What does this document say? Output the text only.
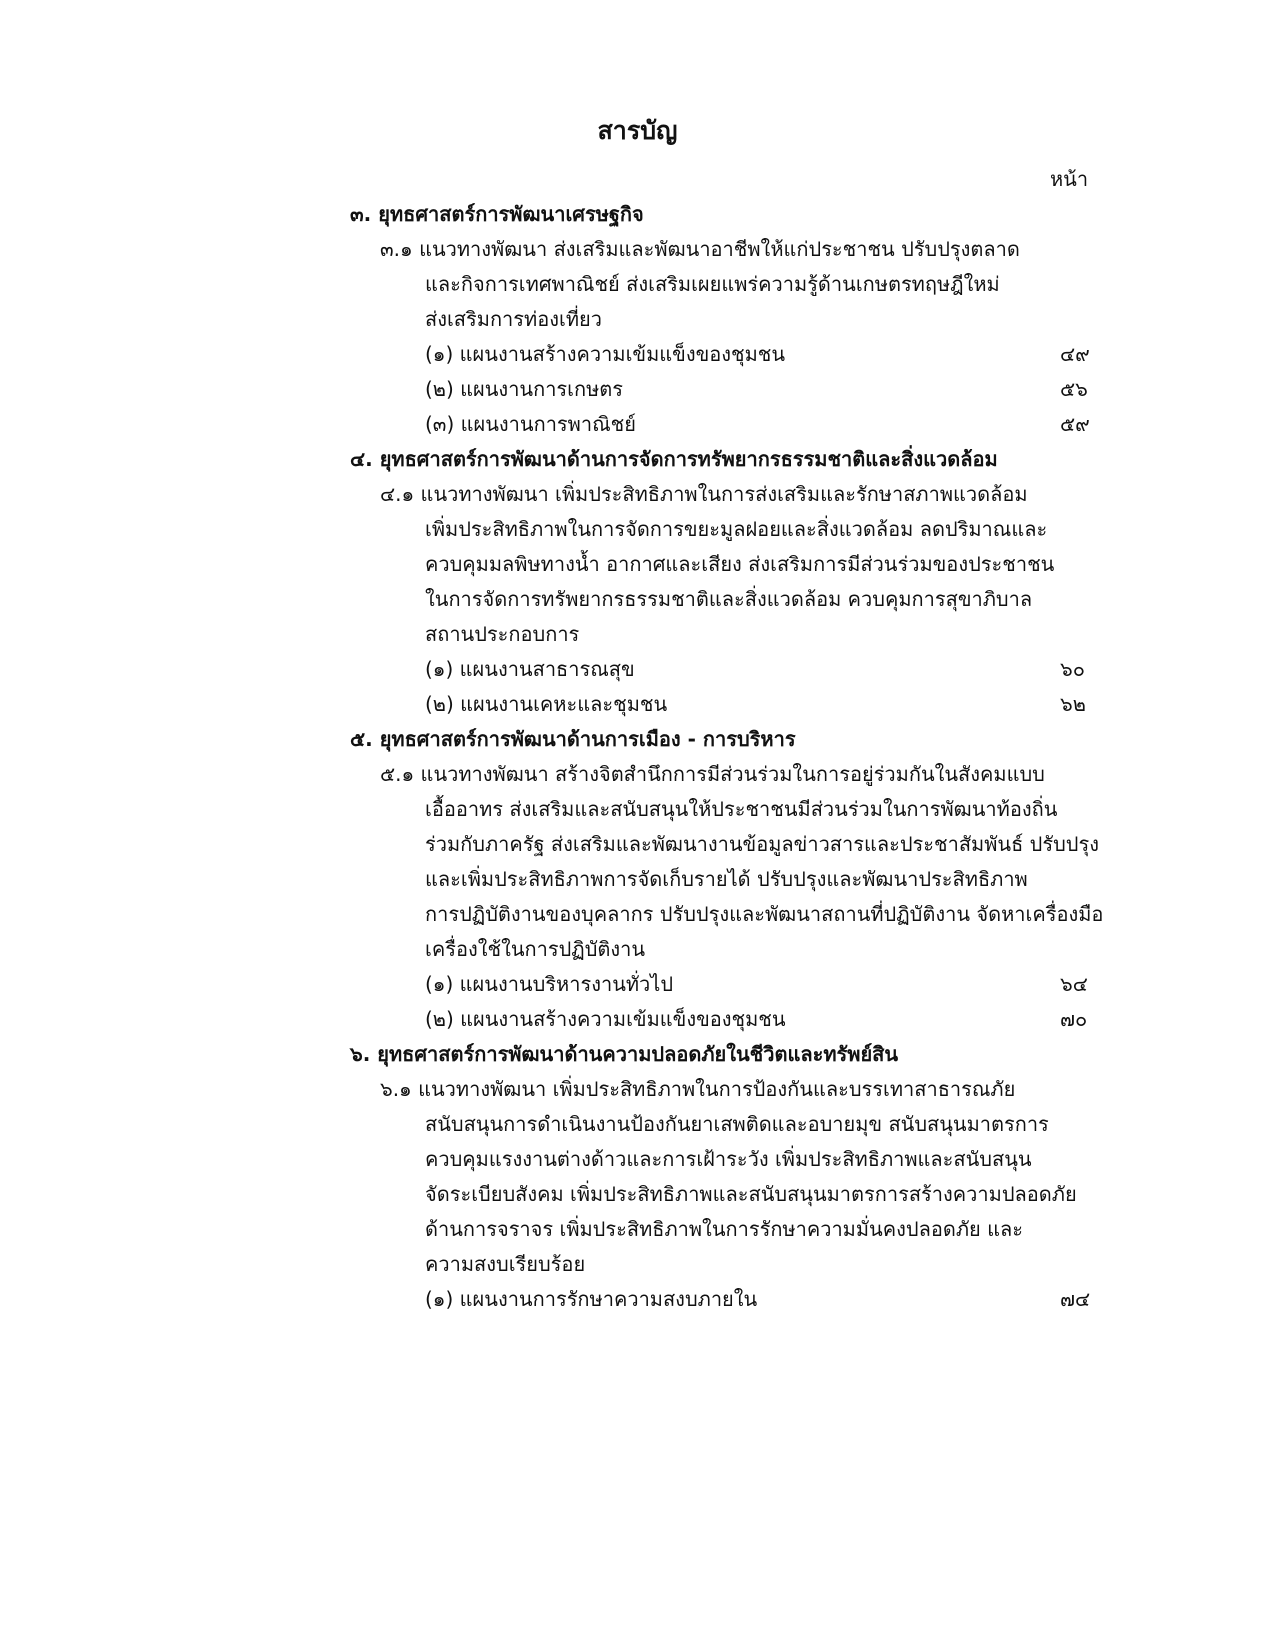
สารบัญ
หน้า
๓. ยุทธศาสตร์การพัฒนาเศรษฐกิจ
๓.๑ แนวทางพัฒนา ส่งเสริมและพัฒนาอาชีพให้แก่ประชาชน ปรับปรุงตลาด
และกิจการเทศพาณิชย์ ส่งเสริมเผยแพร่ความรู้ด้านเกษตรทฤษฎีใหม่
ส่งเสริมการท่องเที่ยว
(๑) แผนงานสร้างความเข้มแข็งของชุมชน	๔๙
(๒) แผนงานการเกษตร	๕๖
(๓) แผนงานการพาณิชย์	๕๙
๔. ยุทธศาสตร์การพัฒนาด้านการจัดการทรัพยากรธรรมชาติและสิ่งแวดล้อม
๔.๑ แนวทางพัฒนา เพิ่มประสิทธิภาพในการส่งเสริมและรักษาสภาพแวดล้อม
เพิ่มประสิทธิภาพในการจัดการขยะมูลฝอยและสิ่งแวดล้อม ลดปริมาณและ
ควบคุมมลพิษทางน้ำ อากาศและเสียง ส่งเสริมการมีส่วนร่วมของประชาชน
ในการจัดการทรัพยากรธรรมชาติและสิ่งแวดล้อม ควบคุมการสุขาภิบาล
สถานประกอบการ
(๑) แผนงานสาธารณสุข	๖๐
(๒) แผนงานเคหะและชุมชน	๖๒
๕. ยุทธศาสตร์การพัฒนาด้านการเมือง - การบริหาร
๕.๑ แนวทางพัฒนา สร้างจิตสำนึกการมีส่วนร่วมในการอยู่ร่วมกันในสังคมแบบ
เอื้ออาทร ส่งเสริมและสนับสนุนให้ประชาชนมีส่วนร่วมในการพัฒนาท้องถิ่น
ร่วมกับภาครัฐ ส่งเสริมและพัฒนางานข้อมูลข่าวสารและประชาสัมพันธ์ ปรับปรุง
และเพิ่มประสิทธิภาพการจัดเก็บรายได้ ปรับปรุงและพัฒนาประสิทธิภาพ
การปฏิบัติงานของบุคลากร ปรับปรุงและพัฒนาสถานที่ปฏิบัติงาน จัดหาเครื่องมือ
เครื่องใช้ในการปฏิบัติงาน
(๑) แผนงานบริหารงานทั่วไป	๖๔
(๒) แผนงานสร้างความเข้มแข็งของชุมชน	๗๐
๖. ยุทธศาสตร์การพัฒนาด้านความปลอดภัยในชีวิตและทรัพย์สิน
๖.๑ แนวทางพัฒนา เพิ่มประสิทธิภาพในการป้องกันและบรรเทาสาธารณภัย
สนับสนุนการดำเนินงานป้องกันยาเสพติดและอบายมุข สนับสนุนมาตรการ
ควบคุมแรงงานต่างด้าวและการเฝ้าระวัง เพิ่มประสิทธิภาพและสนับสนุน
จัดระเบียบสังคม เพิ่มประสิทธิภาพและสนับสนุนมาตรการสร้างความปลอดภัย
ด้านการจราจร เพิ่มประสิทธิภาพในการรักษาความมั่นคงปลอดภัย และ
ความสงบเรียบร้อย
(๑) แผนงานการรักษาความสงบภายใน	๗๔
